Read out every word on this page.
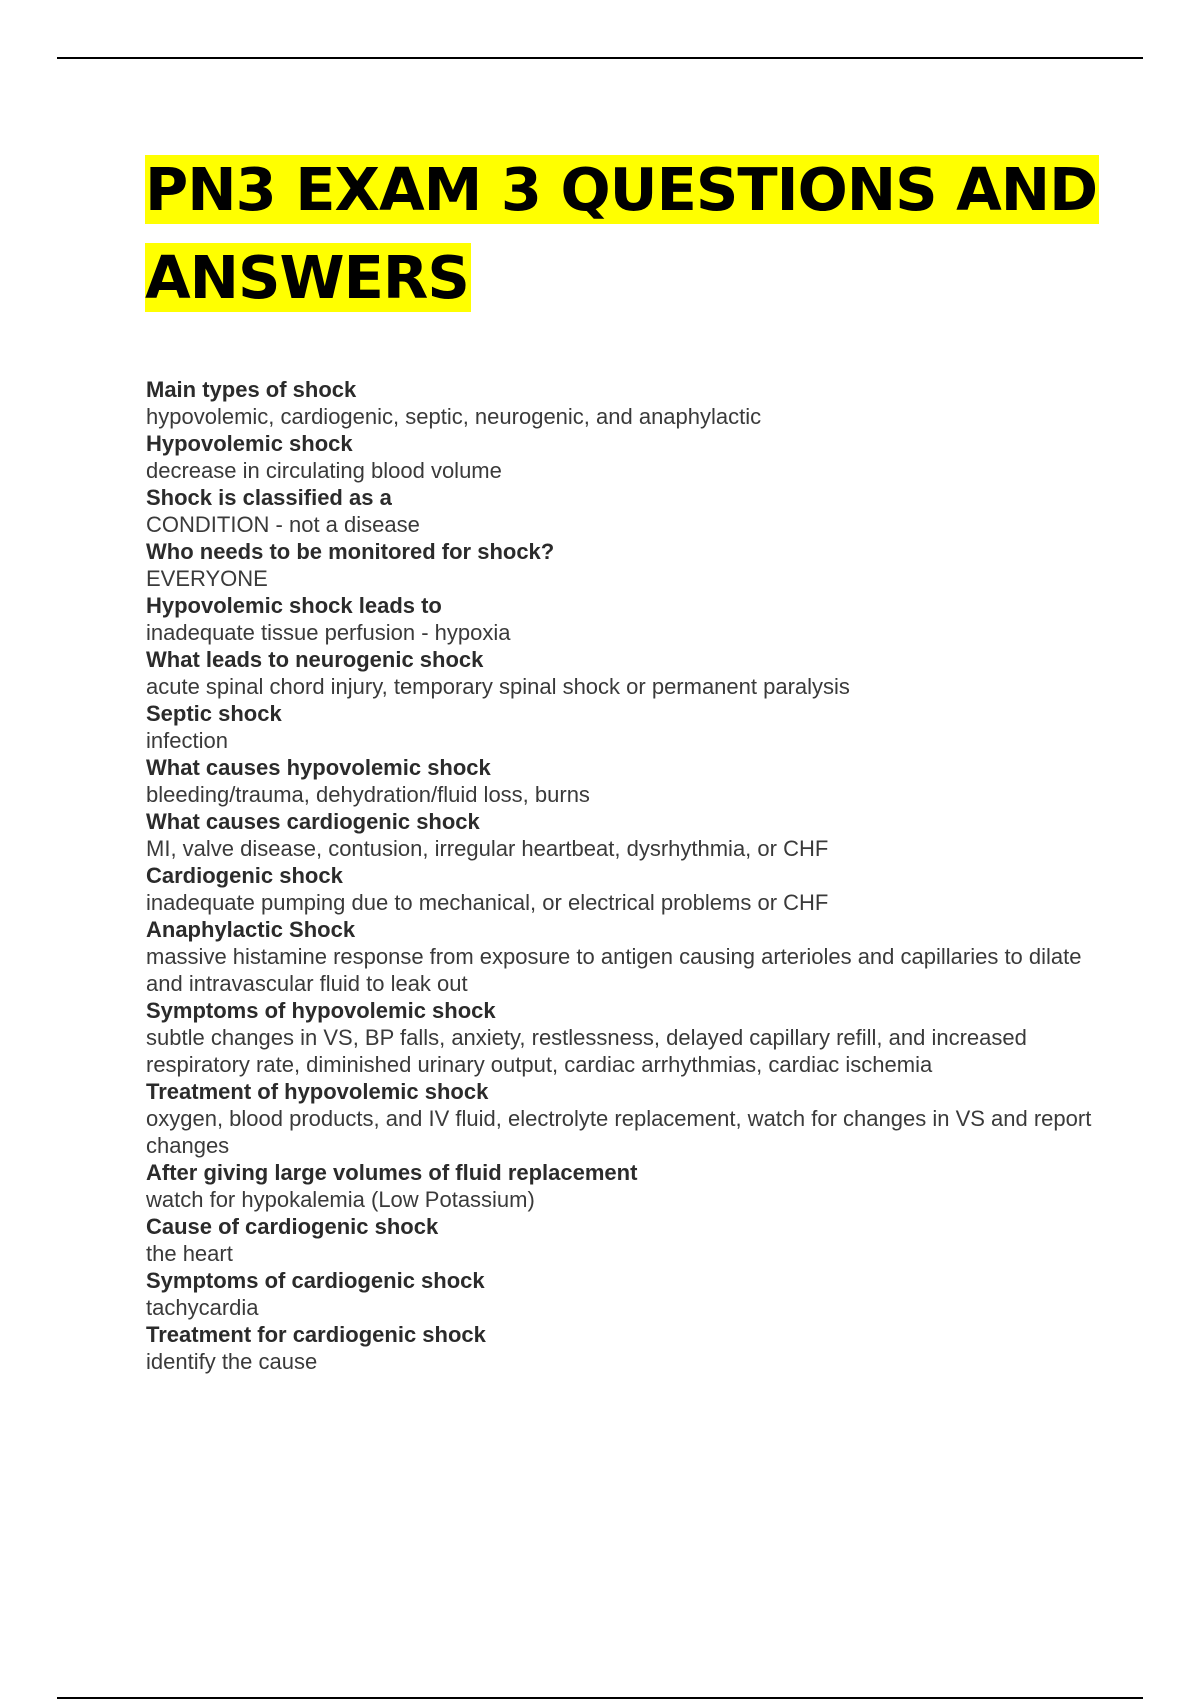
PN3 EXAM 3 QUESTIONS AND
ANSWERS

Main types of shock

hypovolemic, cardiogenic, septic, neurogenic, and anaphylactic

Hypovolemic shock

decrease in circulating blood volume

Shock is classified as a

CONDITION - not a disease

Who needs to be monitored for shock?

EVERYONE

Hypovolemic shock leads to

inadequate tissue perfusion - hypoxia

What leads to neurogenic shock

acute spinal chord injury, temporary spinal shock or permanent paralysis

Septic shock

infection

What causes hypovolemic shock

bleeding/trauma, dehydration/fluid loss, burns

What causes cardiogenic shock

MI, valve disease, contusion, irregular heartbeat, dysrhythmia, or CHF

Cardiogenic shock

inadequate pumping due to mechanical, or electrical problems or CHF

Anaphylactic Shock

massive histamine response from exposure to antigen causing arterioles and capillaries to dilate and intravascular fluid to leak out

Symptoms of hypovolemic shock

subtle changes in VS, BP falls, anxiety, restlessness, delayed capillary refill, and increased respiratory rate, diminished urinary output, cardiac arrhythmias, cardiac ischemia

Treatment of hypovolemic shock

oxygen, blood products, and IV fluid, electrolyte replacement, watch for changes in VS and report changes

After giving large volumes of fluid replacement

watch for hypokalemia (Low Potassium)

Cause of cardiogenic shock

the heart

Symptoms of cardiogenic shock

tachycardia

Treatment for cardiogenic shock

identify the cause
